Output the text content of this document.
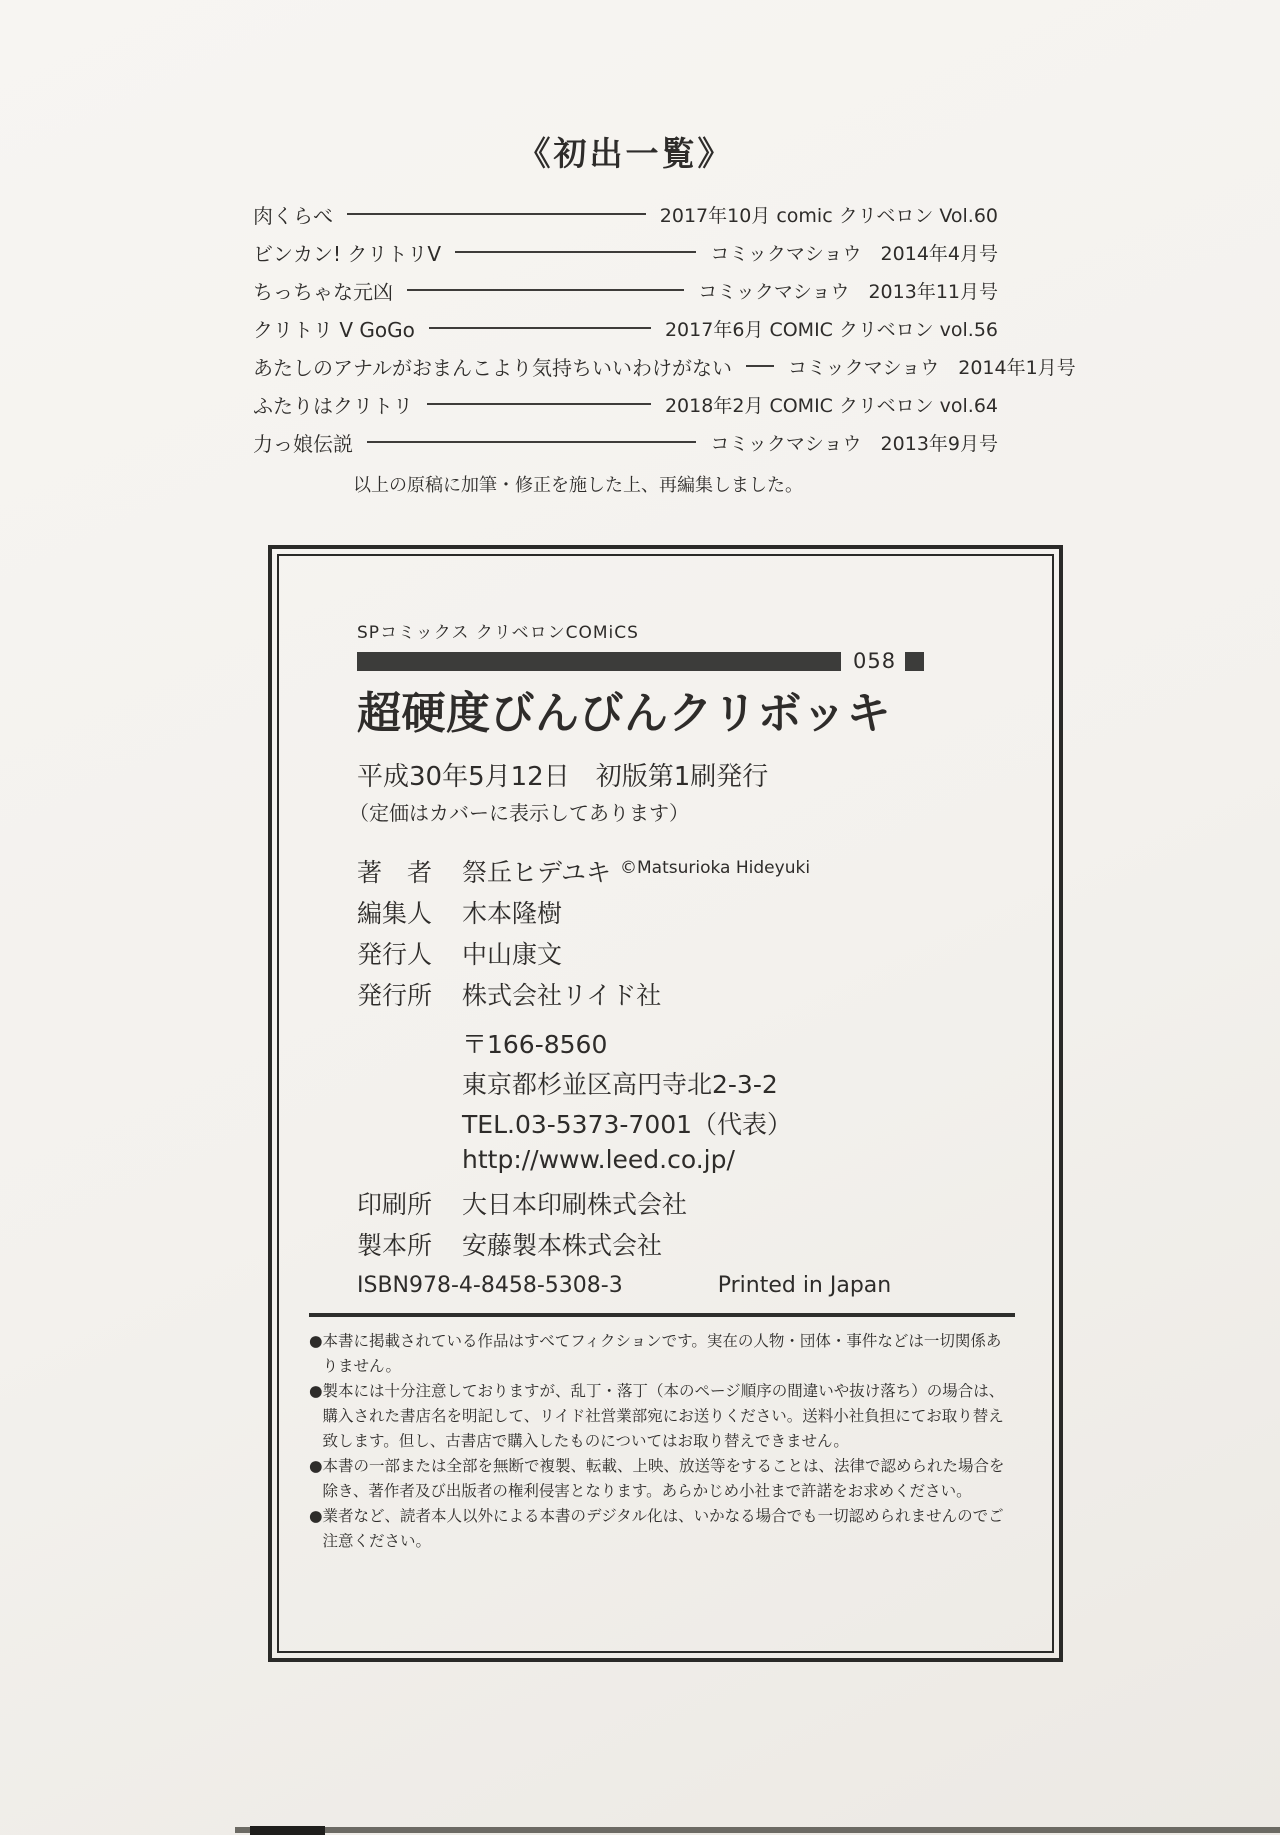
《初出一覧》
肉くらべ	2017年10月 comic クリベロン Vol.60
ビンカン! クリトリV	コミックマショウ　2014年4月号
ちっちゃな元凶	コミックマショウ　2013年11月号
クリトリ V GoGo	2017年6月 COMIC クリベロン vol.56
あたしのアナルがおまんこより気持ちいいわけがない	コミックマショウ　2014年1月号
ふたりはクリトリ	2018年2月 COMIC クリベロン vol.64
力っ娘伝説	コミックマショウ　2013年9月号
以上の原稿に加筆・修正を施した上、再編集しました。
SPコミックス クリベロンCOMiCS
058
超硬度びんびんクリボッキ
平成30年5月12日　初版第1刷発行
（定価はカバーに表示してあります）
著　者 祭丘ヒデユキ ©Matsurioka Hideyuki
編集人 木本隆樹
発行人 中山康文
発行所 株式会社リイド社
〒166-8560
東京都杉並区高円寺北2-3-2
TEL.03-5373-7001（代表）
http://www.leed.co.jp/
印刷所 大日本印刷株式会社
製本所 安藤製本株式会社
ISBN978-4-8458-5308-3	Printed in Japan
● 本書に掲載されている作品はすべてフィクションです。実在の人物・団体・事件などは一切関係ありません。
● 製本には十分注意しておりますが、乱丁・落丁（本のページ順序の間違いや抜け落ち）の場合は、購入された書店名を明記して、リイド社営業部宛にお送りください。送料小社負担にてお取り替え致します。但し、古書店で購入したものについてはお取り替えできません。
● 本書の一部または全部を無断で複製、転載、上映、放送等をすることは、法律で認められた場合を除き、著作者及び出版者の権利侵害となります。あらかじめ小社まで許諾をお求めください。
● 業者など、読者本人以外による本書のデジタル化は、いかなる場合でも一切認められませんのでご注意ください。
